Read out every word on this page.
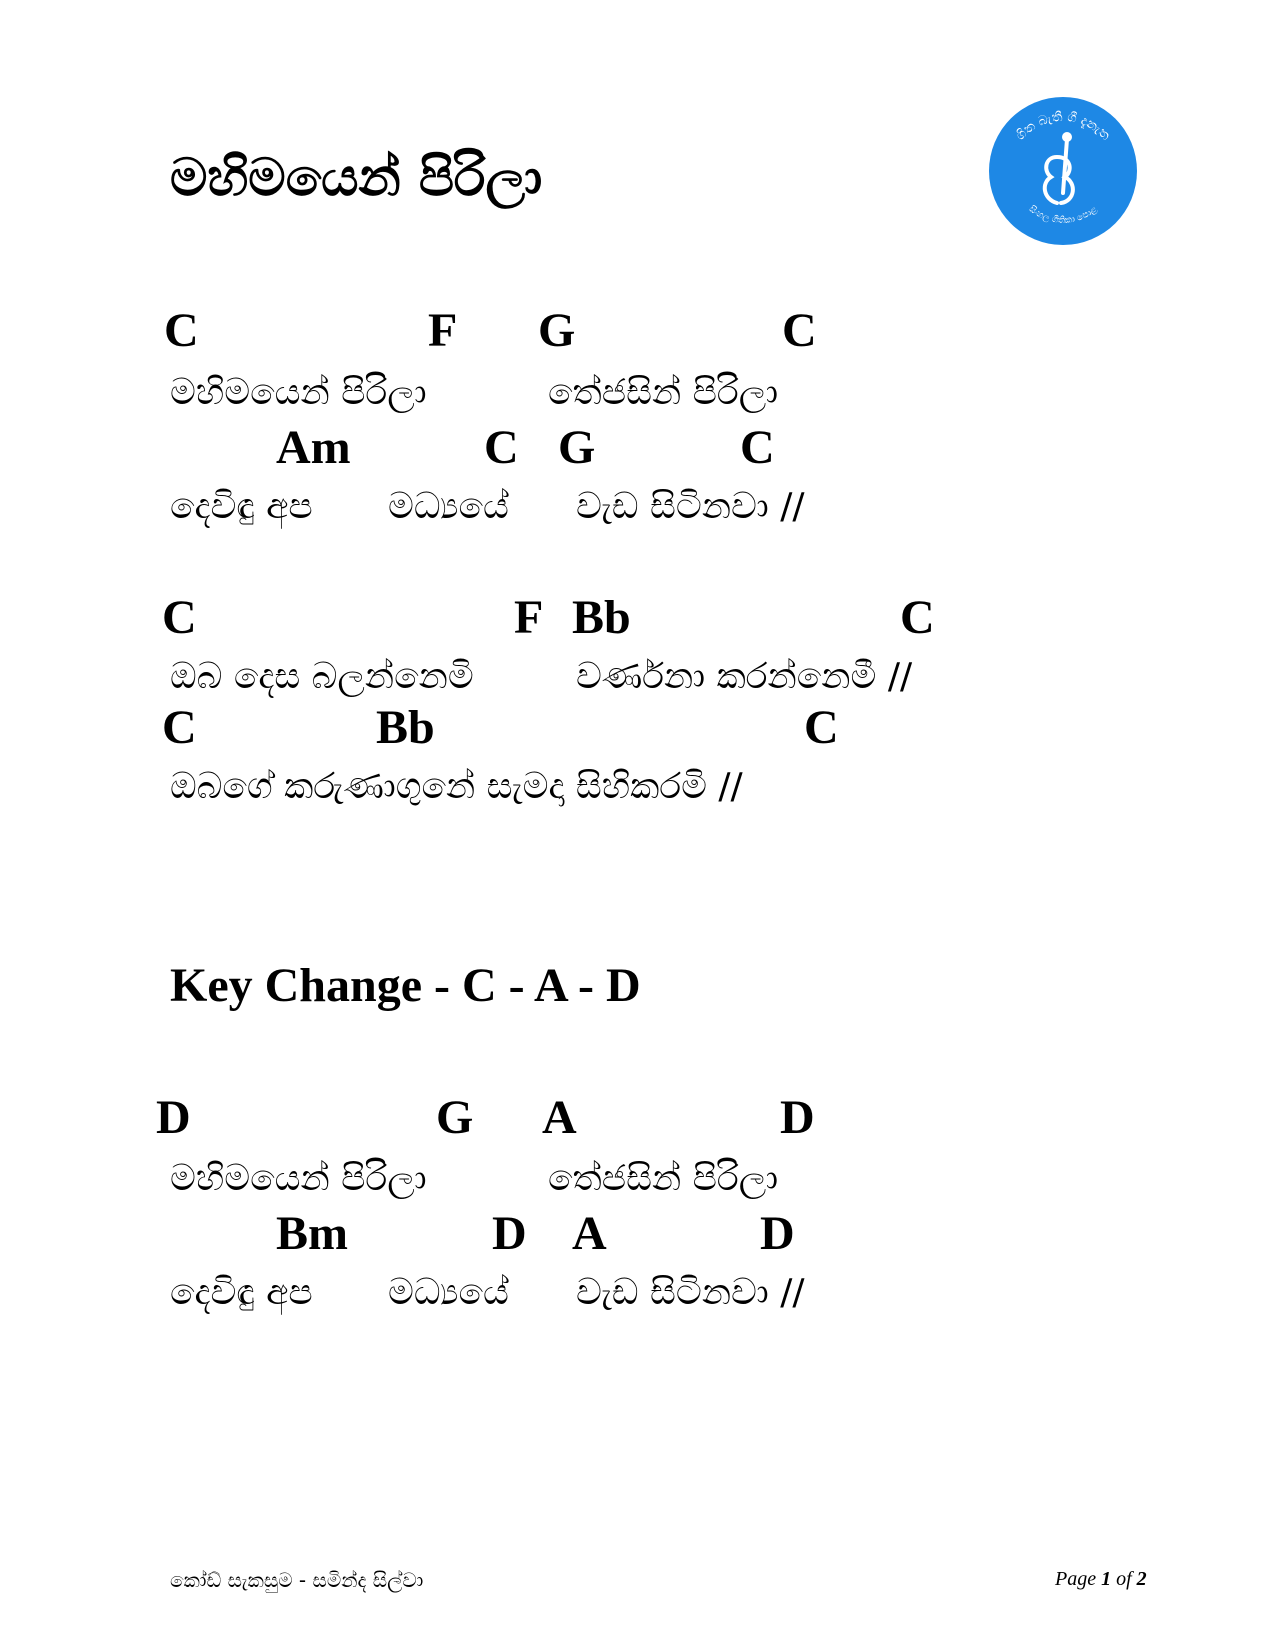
මහිමයෙන් පිරිලා
ගිත බැතී ගී දැනැත
සිංහල ගීතිකා පොළ
C	F G	C
මහිමයෙන් පිරිලා	තේජසින් පිරිලා
Am	C G	C
දෙවිඳු අප මධ්‍යයේ වැඩ සිටිනවා //
C	F Bb	C
ඔබ දෙස බලන්නෙමි	වර්ණනා කරන්නෙමී //
C	Bb	C
ඔබගේ කරුණාගුනේ සැමදා සිහිකරමි //
Key Change - C - A - D
D	G A	D
මහිමයෙන් පිරිලා	තේජසින් පිරිලා
Bm	D A	D
දෙවිඳු අප මධ්‍යයේ වැඩ සිටිනවා //
කෝඩ් සැකසුම - සමින්ද සිල්වා	Page 1 of 2
